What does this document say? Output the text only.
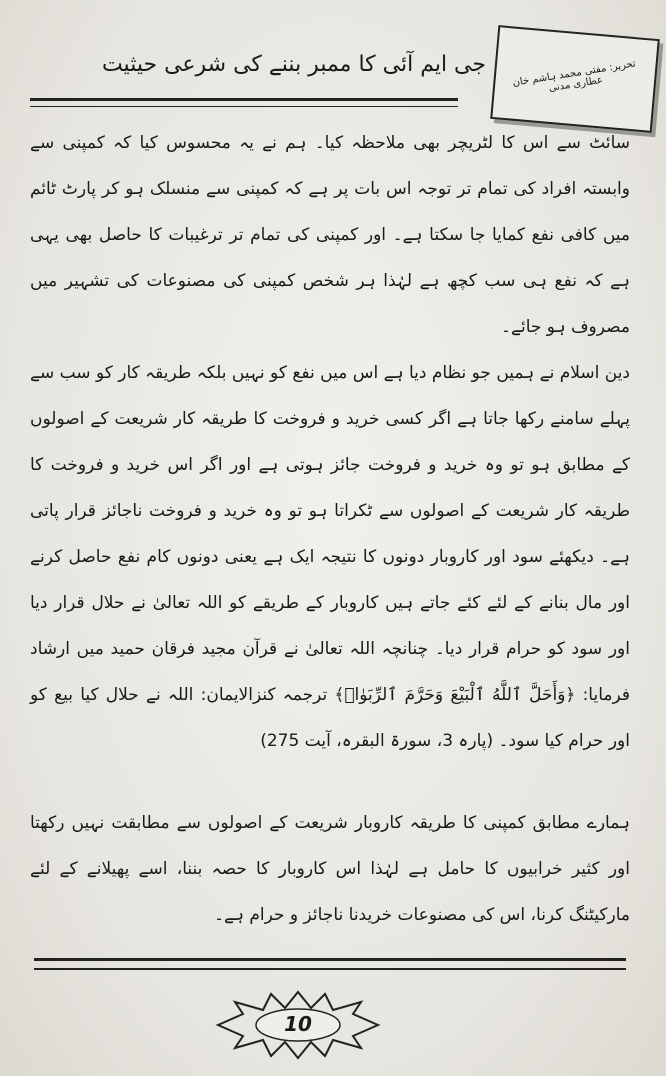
جی ایم آئی کا ممبر بننے کی شرعی حیثیت	تحریر: مفتی محمد ہاشم خان عطاری مدنی

سائٹ سے اس کا لٹریچر بھی ملاحظہ کیا۔ ہم نے یہ محسوس کیا کہ کمپنی سے وابستہ افراد کی تمام تر توجہ اس بات پر ہے کہ کمپنی سے منسلک ہو کر پارٹ ٹائم میں کافی نفع کمایا جا سکتا ہے۔ اور کمپنی کی تمام تر ترغیبات کا حاصل بھی یہی ہے کہ نفع ہی سب کچھ ہے لہٰذا ہر شخص کمپنی کی مصنوعات کی تشہیر میں مصروف ہو جائے۔

دین اسلام نے ہمیں جو نظام دیا ہے اس میں نفع کو نہیں بلکہ طریقہ کار کو سب سے پہلے سامنے رکھا جاتا ہے اگر کسی خرید و فروخت کا طریقہ کار شریعت کے اصولوں کے مطابق ہو تو وہ خرید و فروخت جائز ہوتی ہے اور اگر اس خرید و فروخت کا طریقہ کار شریعت کے اصولوں سے ٹکراتا ہو تو وہ خرید و فروخت ناجائز قرار پاتی ہے۔ دیکھئے سود اور کاروبار دونوں کا نتیجہ ایک ہے یعنی دونوں کام نفع حاصل کرنے اور مال بنانے کے لئے کئے جاتے ہیں کاروبار کے طریقے کو اللہ تعالیٰ نے حلال قرار دیا اور سود کو حرام قرار دیا۔ چنانچہ اللہ تعالیٰ نے قرآن مجید فرقان حمید میں ارشاد فرمایا: ﴿وَأَحَلَّ ٱللَّهُ ٱلْبَيْعَ وَحَرَّمَ ٱلرِّبَوٰا۟﴾ ترجمہ کنزالایمان: اللہ نے حلال کیا بیع کو اور حرام کیا سود۔ (پارہ 3، سورۃ البقرہ، آیت 275)

ہمارے مطابق کمپنی کا طریقہ کاروبار شریعت کے اصولوں سے مطابقت نہیں رکھتا اور کثیر خرابیوں کا حامل ہے لہٰذا اس کاروبار کا حصہ بننا، اسے پھیلانے کے لئے مارکیٹنگ کرنا، اس کی مصنوعات خریدنا ناجائز و حرام ہے۔

10
